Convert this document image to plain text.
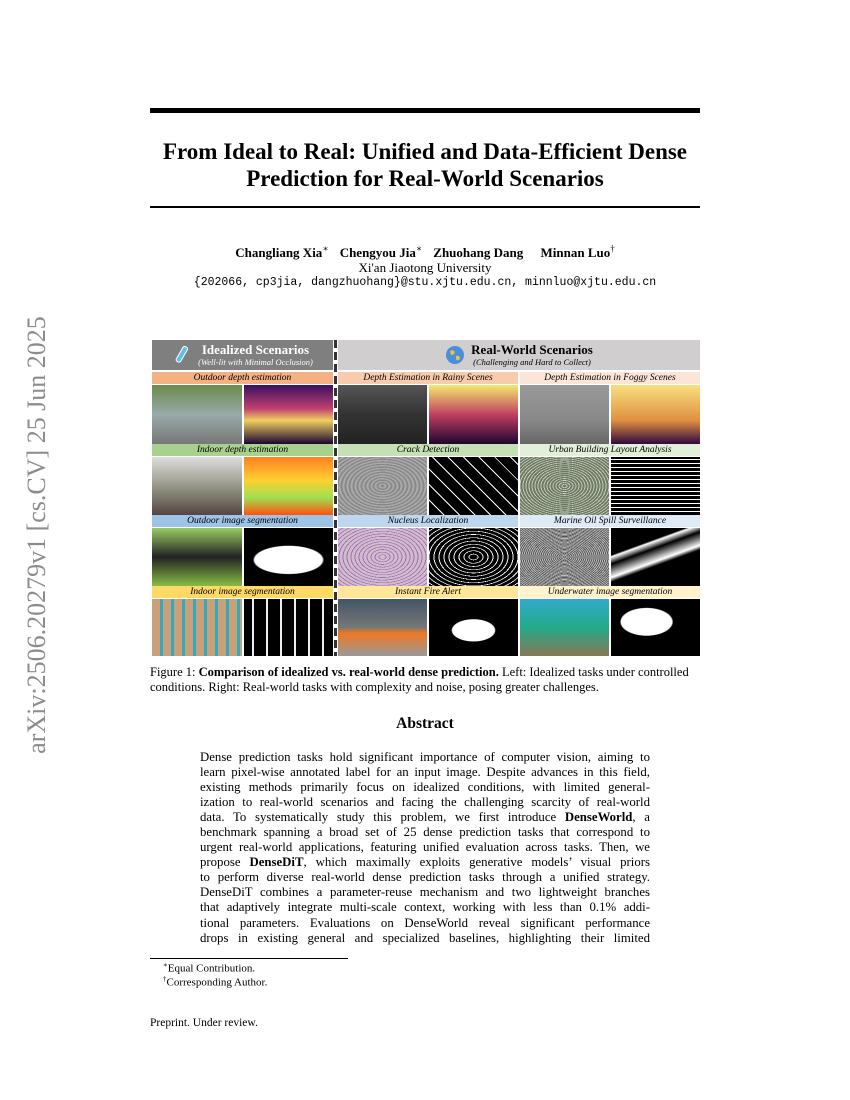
arXiv:2506.20279v1 [cs.CV] 25 Jun 2025
From Ideal to Real: Unified and Data-Efficient Dense
Prediction for Real-World Scenarios
Changliang Xia∗ Chengyou Jia∗ Zhuohang Dang Minnan Luo†
Xi'an Jiaotong University
{202066, cp3jia, dangzhuohang}@stu.xjtu.edu.cn, minnluo@xjtu.edu.cn
Idealized Scenarios
(Well-lit with Minimal Occlusion)
Real-World Scenarios
(Challenging and Hard to Collect)
Outdoor depth estimation	Depth Estimation in Rainy Scenes	Depth Estimation in Foggy Scenes
Indoor depth estimation	Crack Detection	Urban Building Layout Analysis
Outdoor image segmentation	Nucleus Localization	Marine Oil Spill Surveillance
Indoor image segmentation	Instant Fire Alert	Underwater image segmentation
Figure 1: Comparison of idealized vs. real-world dense prediction. Left: Idealized tasks under controlled conditions. Right: Real-world tasks with complexity and noise, posing greater challenges.
Abstract
Dense prediction tasks hold significant importance of computer vision, aiming to
learn pixel-wise annotated label for an input image. Despite advances in this field,
existing methods primarily focus on idealized conditions, with limited general-
ization to real-world scenarios and facing the challenging scarcity of real-world
data. To systematically study this problem, we first introduce DenseWorld, a
benchmark spanning a broad set of 25 dense prediction tasks that correspond to
urgent real-world applications, featuring unified evaluation across tasks. Then, we
propose DenseDiT, which maximally exploits generative models’ visual priors
to perform diverse real-world dense prediction tasks through a unified strategy.
DenseDiT combines a parameter-reuse mechanism and two lightweight branches
that adaptively integrate multi-scale context, working with less than 0.1% addi-
tional parameters. Evaluations on DenseWorld reveal significant performance
drops in existing general and specialized baselines, highlighting their limited
∗Equal Contribution.
†Corresponding Author.
Preprint. Under review.
